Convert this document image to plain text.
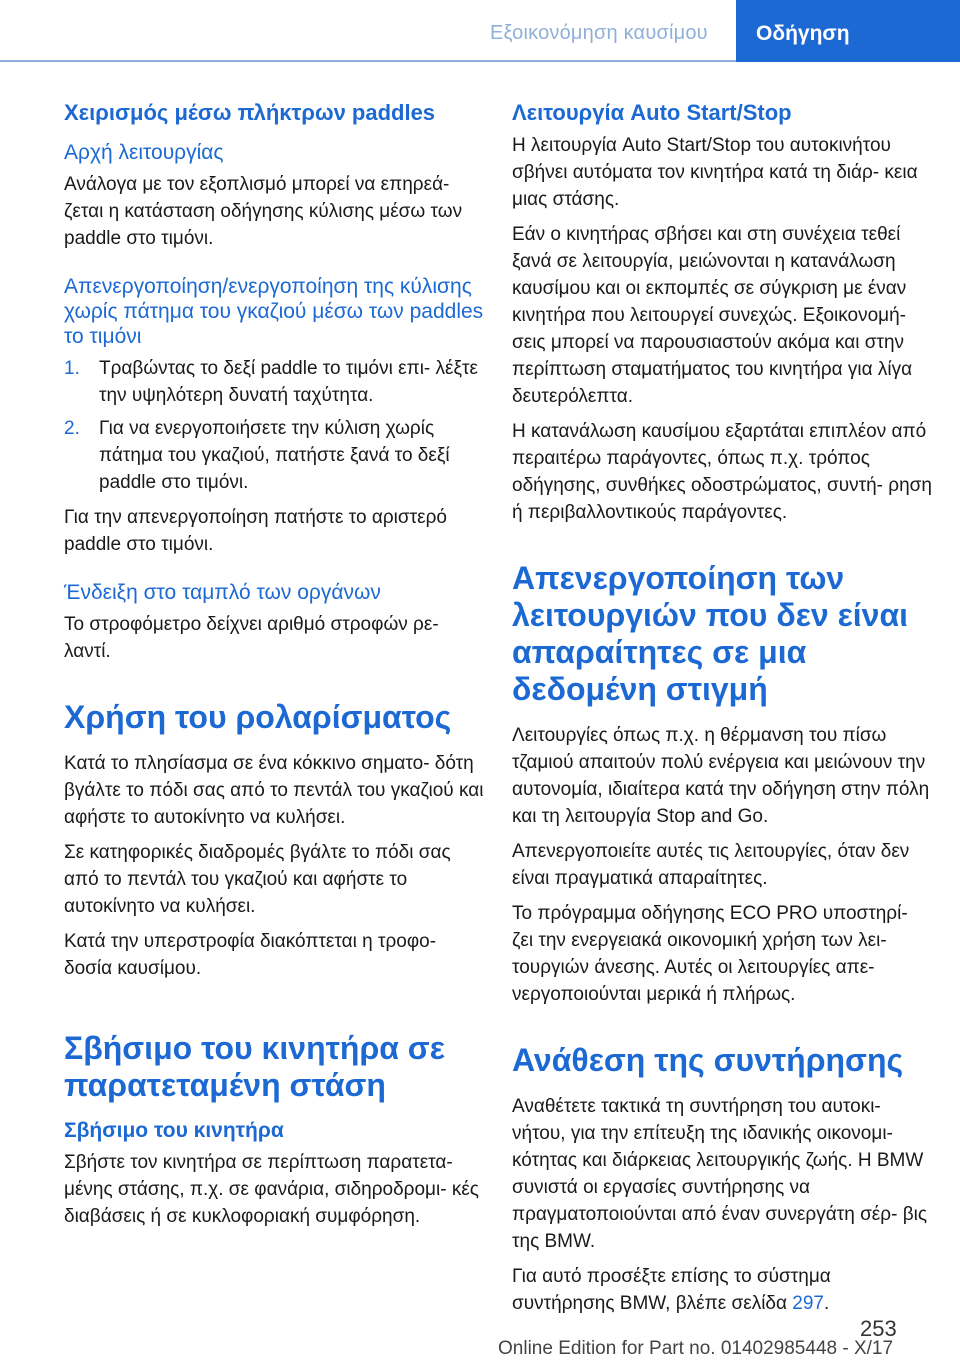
Εξοικονόμηση καυσίμου Οδήγηση
Χειρισμός μέσω πλήκτρων paddles
Αρχή λειτουργίας
Ανάλογα με τον εξοπλισμό μπορεί να επηρεά‐ ζεται η κατάσταση οδήγησης κύλισης μέσω των paddle στο τιμόνι.
Απενεργοποίηση/ενεργοποίηση της κύλισης χωρίς πάτημα του γκαζιού μέσω των paddles το τιμόνι
1. Τραβώντας το δεξί paddle το τιμόνι επι‐ λέξτε την υψηλότερη δυνατή ταχύτητα.
2. Για να ενεργοποιήσετε την κύλιση χωρίς πάτημα του γκαζιού, πατήστε ξανά το δεξί paddle στο τιμόνι.
Για την απενεργοποίηση πατήστε το αριστερό paddle στο τιμόνι.
Ένδειξη στο ταμπλό των οργάνων
Το στροφόμετρο δείχνει αριθμό στροφών ρε‐ λαντί.
Χρήση του ρολαρίσματος
Κατά το πλησίασμα σε ένα κόκκινο σηματο‐ δότη βγάλτε το πόδι σας από το πεντάλ του γκαζιού και αφήστε το αυτοκίνητο να κυλήσει.
Σε κατηφορικές διαδρομές βγάλτε το πόδι σας από το πεντάλ του γκαζιού και αφήστε το αυτοκίνητο να κυλήσει.
Κατά την υπερστροφία διακόπτεται η τροφο‐ δοσία καυσίμου.
Σβήσιμο του κινητήρα σε παρατεταμένη στάση
Σβήσιμο του κινητήρα
Σβήστε τον κινητήρα σε περίπτωση παρατετα‐ μένης στάσης, π.χ. σε φανάρια, σιδηροδρομι‐ κές διαβάσεις ή σε κυκλοφοριακή συμφόρηση.
Λειτουργία Auto Start/Stop
Η λειτουργία Auto Start/Stop του αυτοκινήτου σβήνει αυτόματα τον κινητήρα κατά τη διάρ‐ κεια μιας στάσης.
Εάν ο κινητήρας σβήσει και στη συνέχεια τεθεί ξανά σε λειτουργία, μειώνονται η κατανάλωση καυσίμου και οι εκπομπές σε σύγκριση με έναν κινητήρα που λειτουργεί συνεχώς. Εξοικονομή‐ σεις μπορεί να παρουσιαστούν ακόμα και στην περίπτωση σταματήματος του κινητήρα για λίγα δευτερόλεπτα.
Η κατανάλωση καυσίμου εξαρτάται επιπλέον από περαιτέρω παράγοντες, όπως π.χ. τρόπος οδήγησης, συνθήκες οδοστρώματος, συντή‐ ρηση ή περιβαλλοντικούς παράγοντες.
Απενεργοποίηση των λειτουργιών που δεν είναι απαραίτητες σε μια δεδομένη στιγμή
Λειτουργίες όπως π.χ. η θέρμανση του πίσω τζαμιού απαιτούν πολύ ενέργεια και μειώνουν την αυτονομία, ιδιαίτερα κατά την οδήγηση στην πόλη και τη λειτουργία Stop and Go.
Απενεργοποιείτε αυτές τις λειτουργίες, όταν δεν είναι πραγματικά απαραίτητες.
Το πρόγραμμα οδήγησης ECO PRO υποστηρί‐ ζει την ενεργειακά οικονομική χρήση των λει‐ τουργιών άνεσης. Αυτές οι λειτουργίες απε‐ νεργοποιούνται μερικά ή πλήρως.
Ανάθεση της συντήρησης
Αναθέτετε τακτικά τη συντήρηση του αυτοκι‐ νήτου, για την επίτευξη της ιδανικής οικονομι‐ κότητας και διάρκειας λειτουργικής ζωής. Η BMW συνιστά οι εργασίες συντήρησης να πραγματοποιούνται από έναν συνεργάτη σέρ‐ βις της BMW.
Για αυτό προσέξτε επίσης το σύστημα συντήρησης BMW, βλέπε σελίδα 297.
253
Online Edition for Part no. 01402985448 - X/17
